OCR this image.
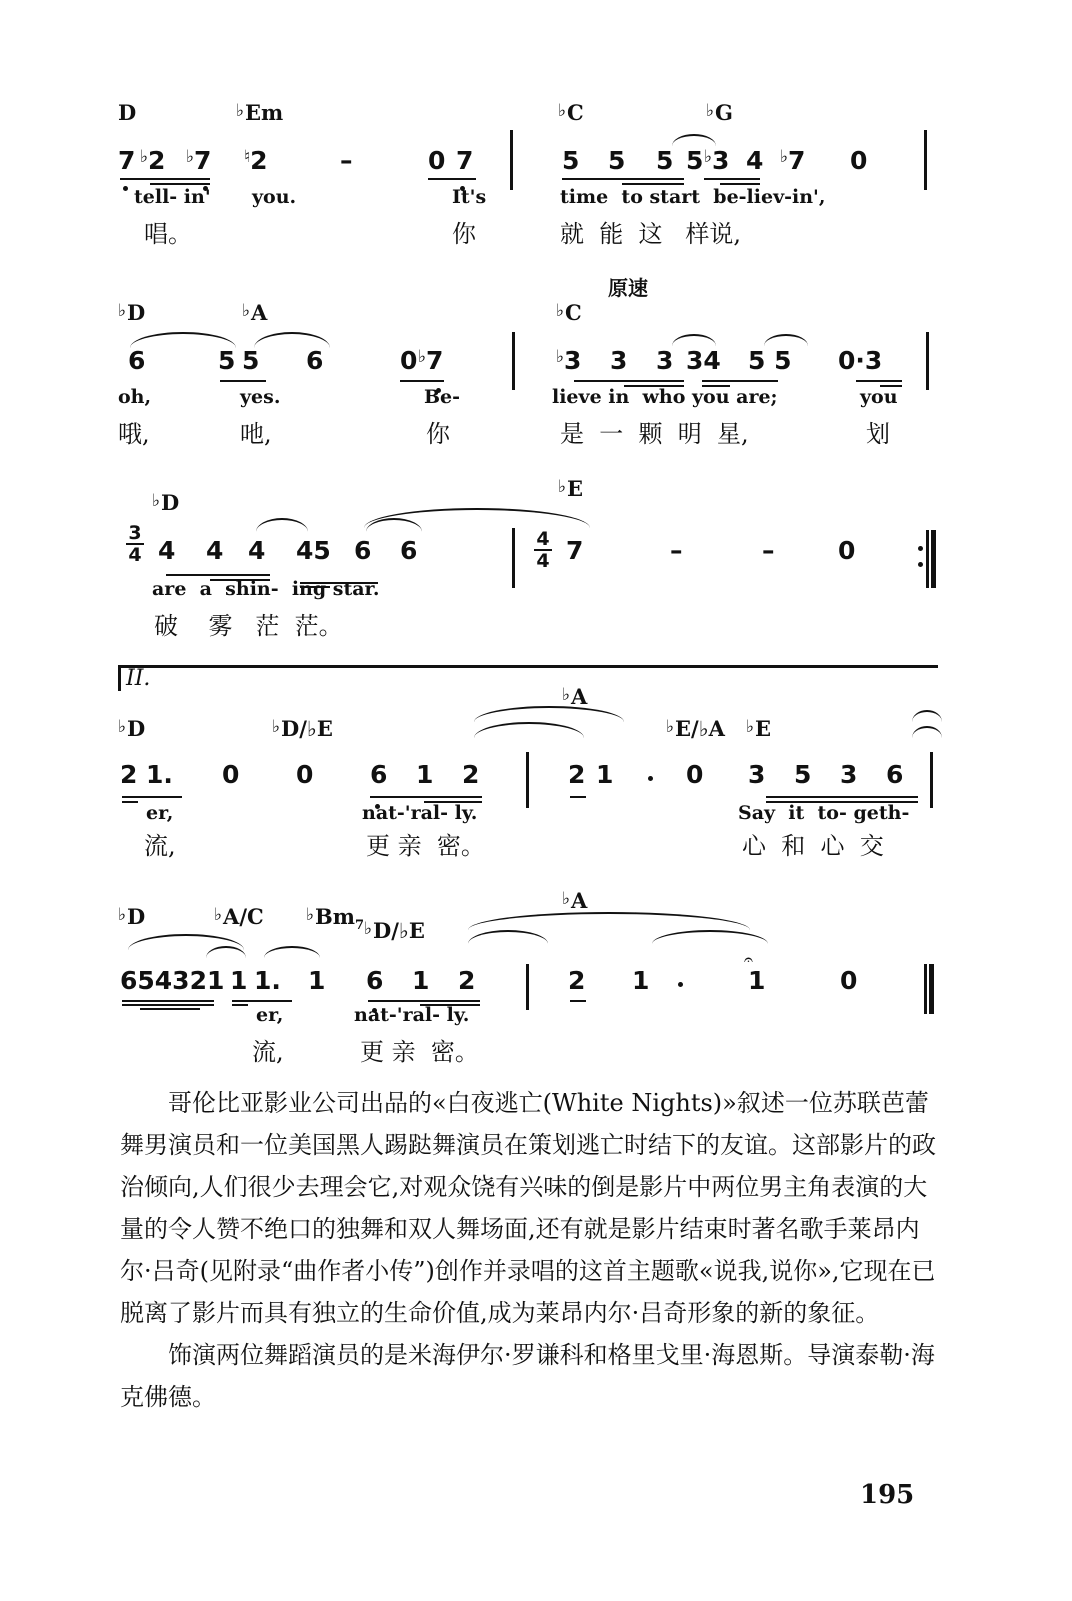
D	♭Em	♭C	♭G
7 ♭2 ♭7 ♮2	–	0 7	5 5 5 5 ♭3 4 ♭7 0
tell- in' you.	It's	time  to start  be-liev-in',
唱。	你	就  能  这   样说,
原速
♭D	♭A	♭C
6	5 5 6	0 ♭7	♭3 3 3 34 5 5 0·3
oh,	yes.	Be-	lieve in  who you are;	you
哦,	吔,	你	是  一  颗  明  星,	划
♭D
♭E
3
4 4 4 4 45 6 6	4
4 7	–	–	0
are  a  shin-  ing star.
破    雾   茫  茫。
II.
♭D	♭D/♭E
♭A
♭E/♭A ♭E
2 1. 0 0 6 1 2	2 1	0 3 5 3 6
er,	nat-'ral- ly.	Say  it  to- geth-
流,	更 亲  密。	心  和  心  交
♭D	♭A/C $♭Bm_7$ ♭D/♭E
♭A
654321 1 1. 1 6 1 2	2 1
𝄐
1	0
er,	nat-'ral- ly.
流,	更 亲  密。

哥伦比亚影业公司出品的«白夜逃亡(White Nights)»叙述一位苏联芭蕾舞男演员和一位美国黑人踢跶舞演员在策划逃亡时结下的友谊。这部影片的政治倾向,人们很少去理会它,对观众饶有兴味的倒是影片中两位男主角表演的大量的令人赞不绝口的独舞和双人舞场面,还有就是影片结束时著名歌手莱昂内尔·吕奇(见附录“曲作者小传”)创作并录唱的这首主题歌«说我,说你»,它现在已脱离了影片而具有独立的生命价值,成为莱昂内尔·吕奇形象的新的象征。

饰演两位舞蹈演员的是米海伊尔·罗谦科和格里戈里·海恩斯。导演泰勒·海克佛德。

195
